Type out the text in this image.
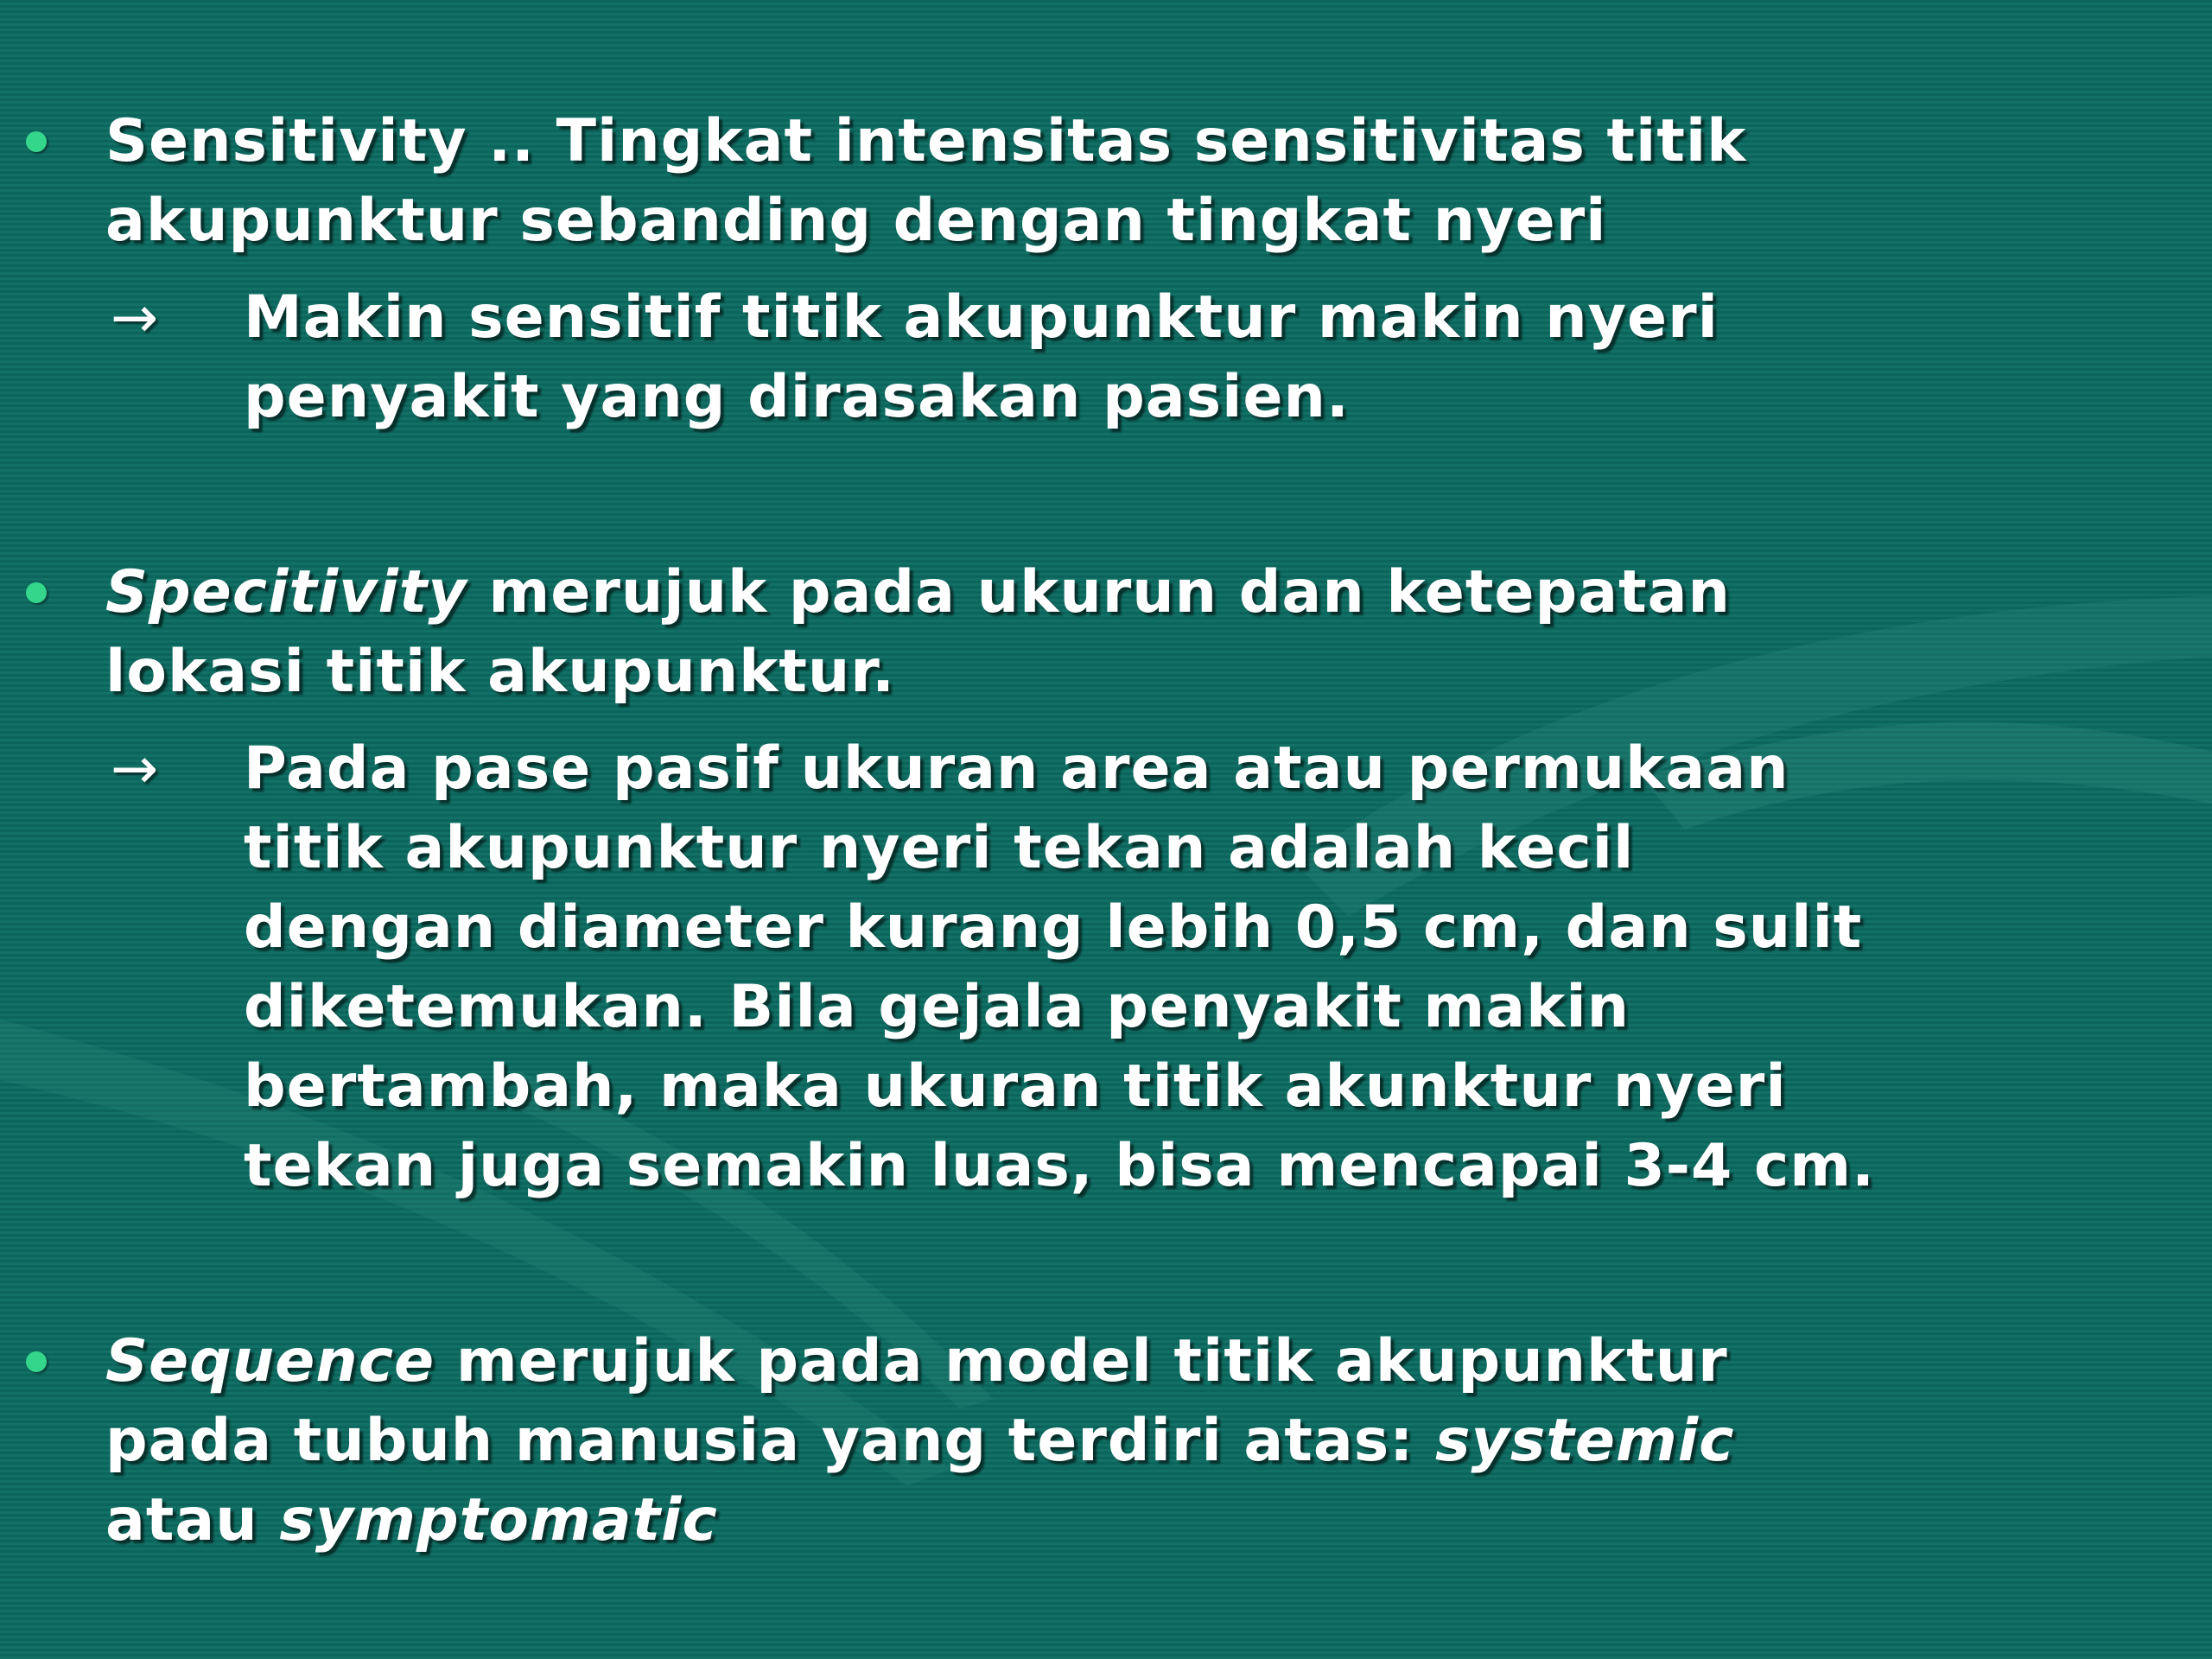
Sensitivity .. Tingkat intensitas sensitivitas titik
akupunktur sebanding dengan tingkat nyeri
→ Makin sensitif titik akupunktur makin nyeri
penyakit yang dirasakan pasien.
Specitivity merujuk pada ukurun dan ketepatan
lokasi titik akupunktur.
→ Pada pase pasif ukuran area atau permukaan
titik akupunktur nyeri tekan adalah kecil
dengan diameter kurang lebih 0,5 cm, dan sulit
diketemukan. Bila gejala penyakit makin
bertambah, maka ukuran titik akunktur nyeri
tekan juga semakin luas, bisa mencapai 3-4 cm.
Sequence merujuk pada model titik akupunktur
pada tubuh manusia yang terdiri atas: systemic
atau symptomatic
